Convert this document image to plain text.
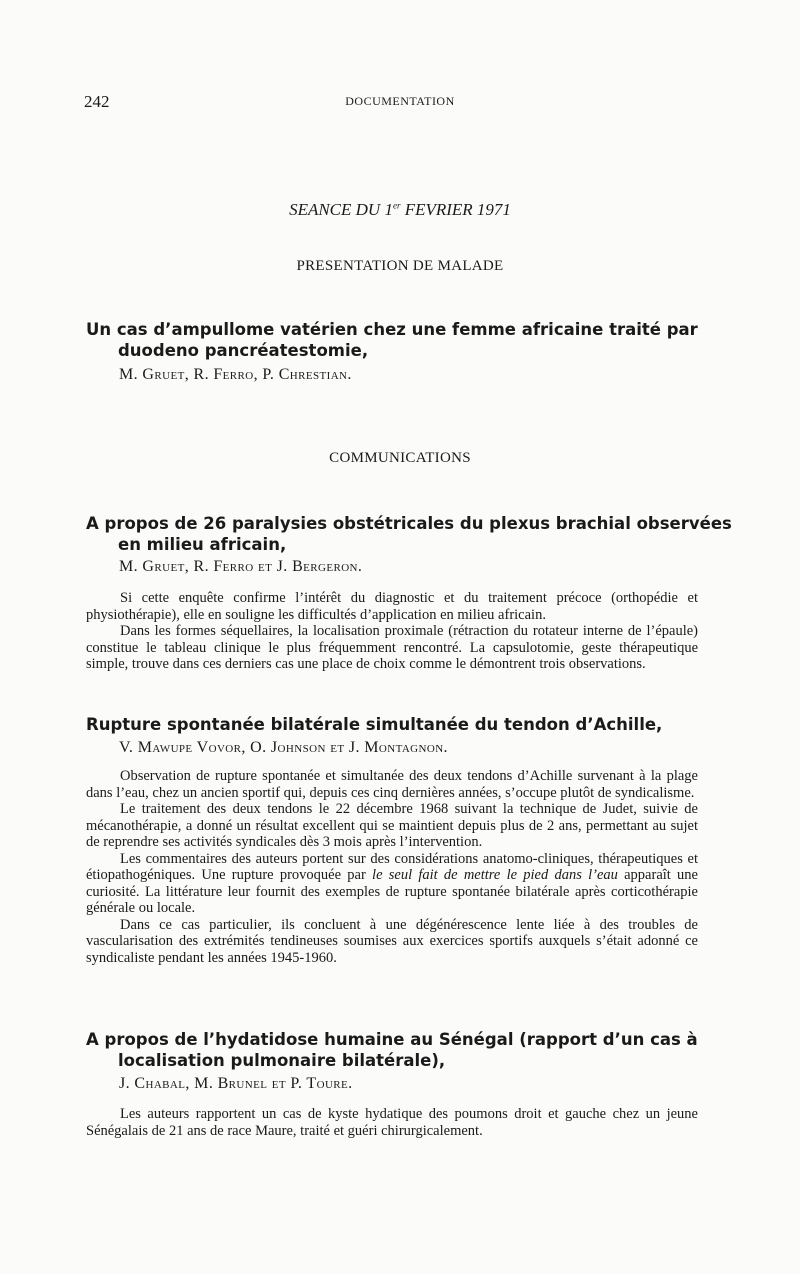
242	DOCUMENTATION
SEANCE DU 1er FEVRIER 1971
PRESENTATION DE MALADE
Un cas d’ampullome vatérien chez une femme africaine traité par duodeno pancréatestomie,
M. Gruet, R. Ferro, P. Chrestian.
COMMUNICATIONS
A propos de 26 paralysies obstétricales du plexus brachial observées en milieu africain,
M. Gruet, R. Ferro et J. Bergeron.

Si cette enquête confirme l’intérêt du diagnostic et du traitement précoce (orthopédie et physiothérapie), elle en souligne les difficultés d’application en milieu africain.

Dans les formes séquellaires, la localisation proximale (rétraction du rotateur interne de l’épaule) constitue le tableau clinique le plus fréquemment rencontré. La capsulotomie, geste thérapeutique simple, trouve dans ces derniers cas une place de choix comme le démontrent trois observations.

Rupture spontanée bilatérale simultanée du tendon d’Achille,
V. Mawupe Vovor, O. Johnson et J. Montagnon.

Observation de rupture spontanée et simultanée des deux tendons d’Achille survenant à la plage dans l’eau, chez un ancien sportif qui, depuis ces cinq dernières années, s’occupe plutôt de syndicalisme.

Le traitement des deux tendons le 22 décembre 1968 suivant la technique de Judet, suivie de mécanothérapie, a donné un résultat excellent qui se maintient depuis plus de 2 ans, permettant au sujet de reprendre ses activités syndicales dès 3 mois après l’intervention.

Les commentaires des auteurs portent sur des considérations anatomo-cliniques, thérapeutiques et étiopathogéniques. Une rupture provoquée par le seul fait de mettre le pied dans l’eau apparaît une curiosité. La littérature leur fournit des exemples de rupture spontanée bilatérale après corticothérapie générale ou locale.

Dans ce cas particulier, ils concluent à une dégénérescence lente liée à des troubles de vascularisation des extrémités tendineuses soumises aux exercices sportifs auxquels s’était adonné ce syndicaliste pendant les années 1945-1960.

A propos de l’hydatidose humaine au Sénégal (rapport d’un cas à localisation pulmonaire bilatérale),
J. Chabal, M. Brunel et P. Toure.

Les auteurs rapportent un cas de kyste hydatique des poumons droit et gauche chez un jeune Sénégalais de 21 ans de race Maure, traité et guéri chirurgicalement.
